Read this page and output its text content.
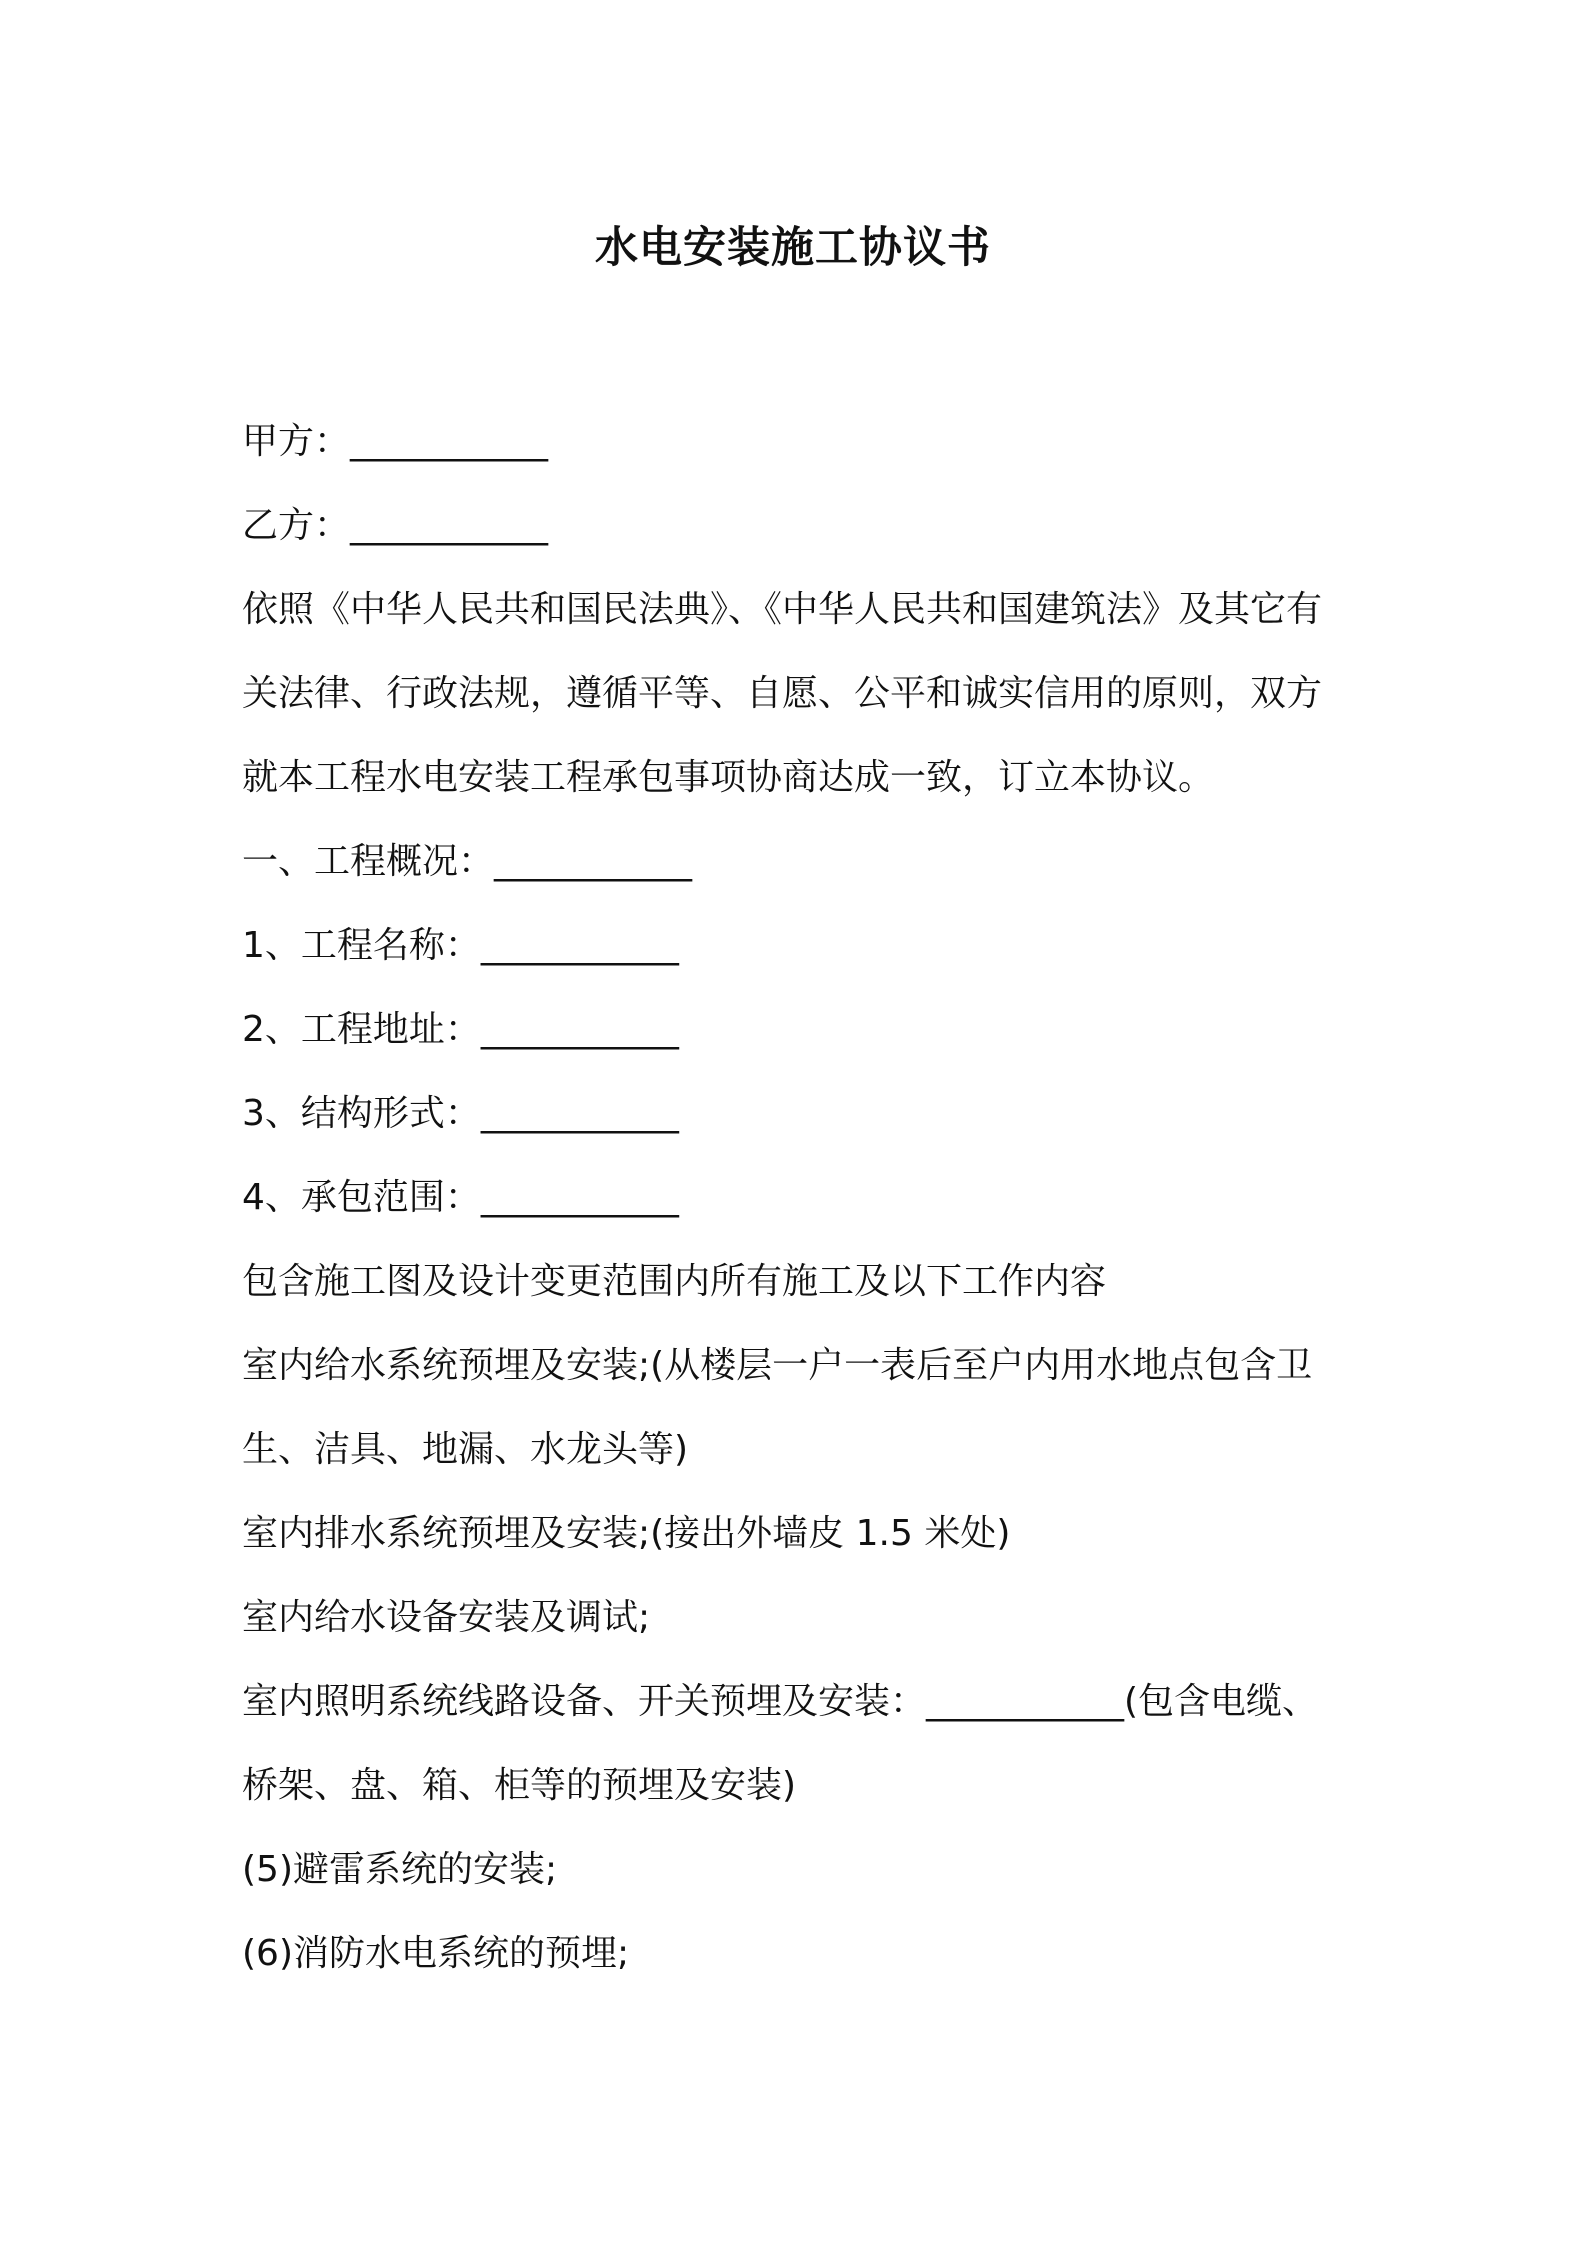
水电安装施工协议书
甲方：___________
乙方：___________
依照《中华人民共和国民法典》、《中华人民共和国建筑法》及其它有
关法律、行政法规，遵循平等、自愿、公平和诚实信用的原则，双方
就本工程水电安装工程承包事项协商达成一致，订立本协议。
一、工程概况：___________
1、工程名称：___________
2、工程地址：___________
3、结构形式：___________
4、承包范围：___________
包含施工图及设计变更范围内所有施工及以下工作内容
室内给水系统预埋及安装;(从楼层一户一表后至户内用水地点包含卫
生、洁具、地漏、水龙头等)
室内排水系统预埋及安装;(接出外墙皮 1.5 米处)
室内给水设备安装及调试;
室内照明系统线路设备、开关预埋及安装：___________(包含电缆、
桥架、盘、箱、柜等的预埋及安装)
(5)避雷系统的安装;
(6)消防水电系统的预埋;
